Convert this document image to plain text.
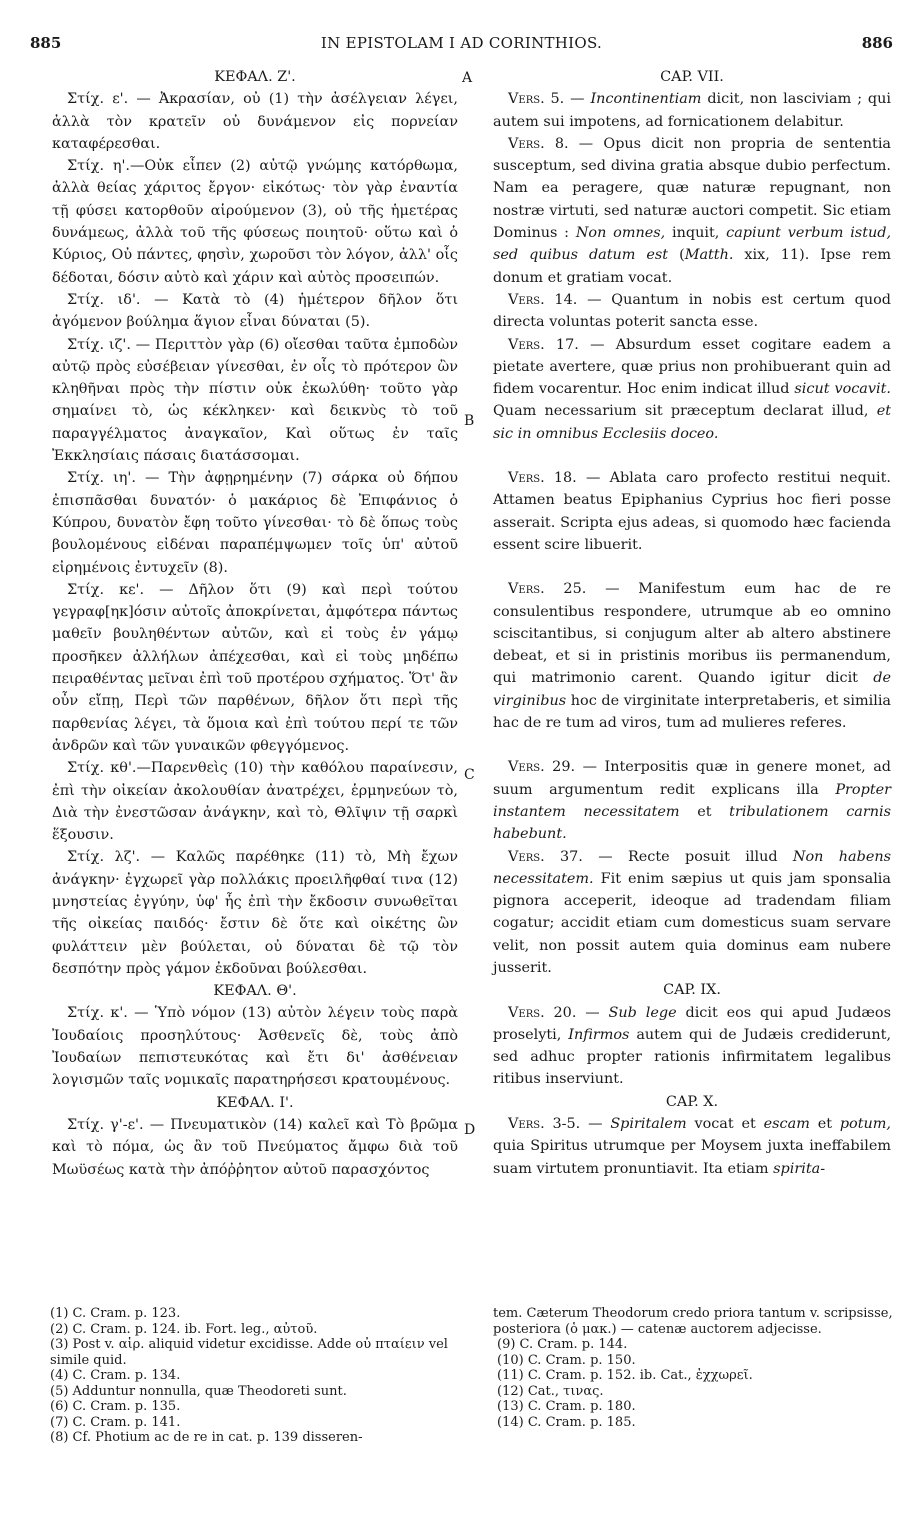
885	IN EPISTOLAM I AD CORINTHIOS.	886
A
B
C
D

ΚΕΦΑΛ. Ζ'.

Στίχ. ε'. — Ἀκρασίαν, οὐ (1) τὴν ἀσέλγειαν λέγει, ἀλλὰ τὸν κρατεῖν οὐ δυνάμενον εἰς πορνείαν καταφέρεσθαι.

Στίχ. η'.—Οὐκ εἶπεν (2) αὐτῷ γνώμης κατόρθωμα, ἀλλὰ θείας χάριτος ἔργον· εἰκότως· τὸν γὰρ ἐναντία τῇ φύσει κατορθοῦν αἱρούμενον (3), οὐ τῆς ἡμετέρας δυνάμεως, ἀλλὰ τοῦ τῆς φύσεως ποιητοῦ· οὕτω καὶ ὁ Κύριος, Οὐ πάντες, φησὶν, χωροῦσι τὸν λόγον, ἀλλ' οἷς δέδοται, δόσιν αὐτὸ καὶ χάριν καὶ αὐτὸς προσειπών.

Στίχ. ιδ'. — Κατὰ τὸ (4) ἡμέτερον δῆλον ὅτι ἀγόμενον βούλημα ἅγιον εἶναι δύναται (5).

Στίχ. ιζ'. — Περιττὸν γὰρ (6) οἴεσθαι ταῦτα ἐμποδὼν αὐτῷ πρὸς εὐσέβειαν γίνεσθαι, ἐν οἷς τὸ πρότερον ὢν κληθῆναι πρὸς τὴν πίστιν οὐκ ἐκωλύθη· τοῦτο γὰρ σημαίνει τὸ, ὡς κέκληκεν· καὶ δεικνὺς τὸ τοῦ παραγγέλματος ἀναγκαῖον, Καὶ οὕτως ἐν ταῖς Ἐκκλησίαις πάσαις διατάσσομαι.

Στίχ. ιη'. — Τὴν ἀφῃρημένην (7) σάρκα οὐ δήπου ἐπισπᾶσθαι δυνατόν· ὁ μακάριος δὲ Ἐπιφάνιος ὁ Κύπρου, δυνατὸν ἔφη τοῦτο γίνεσθαι· τὸ δὲ ὅπως τοὺς βουλομένους εἰδέναι παραπέμψωμεν τοῖς ὑπ' αὐτοῦ εἰρημένοις ἐντυχεῖν (8).

Στίχ. κε'. — Δῆλον ὅτι (9) καὶ περὶ τούτου γεγραφ[ηκ]όσιν αὐτοῖς ἀποκρίνεται, ἀμφότερα πάντως μαθεῖν βουληθέντων αὐτῶν, καὶ εἰ τοὺς ἐν γάμῳ προσῆκεν ἀλλήλων ἀπέχεσθαι, καὶ εἰ τοὺς μηδέπω πειραθέντας μεῖναι ἐπὶ τοῦ προτέρου σχήματος. Ὅτ' ἂν οὖν εἴπῃ, Περὶ τῶν παρθένων, δῆλον ὅτι περὶ τῆς παρθενίας λέγει, τὰ ὅμοια καὶ ἐπὶ τούτου περί τε τῶν ἀνδρῶν καὶ τῶν γυναικῶν φθεγγόμενος.

Στίχ. κθ'.—Παρενθεὶς (10) τὴν καθόλου παραίνεσιν, ἐπὶ τὴν οἰκείαν ἀκολουθίαν ἀνατρέχει, ἑρμηνεύων τὸ, Διὰ τὴν ἐνεστῶσαν ἀνάγκην, καὶ τὸ, Θλῖψιν τῇ σαρκὶ ἕξουσιν.

Στίχ. λζ'. — Καλῶς παρέθηκε (11) τὸ, Μὴ ἔχων ἀνάγκην· ἐγχωρεῖ γὰρ πολλάκις προειλῆφθαί τινα (12) μνηστείας ἐγγύην, ὑφ' ἧς ἐπὶ τὴν ἔκδοσιν συνωθεῖται τῆς οἰκείας παιδός· ἔστιν δὲ ὅτε καὶ οἰκέτης ὢν φυλάττειν μὲν βούλεται, οὐ δύναται δὲ τῷ τὸν δεσπότην πρὸς γάμον ἐκδοῦναι βούλεσθαι.

ΚΕΦΑΛ. Θ'.

Στίχ. κ'. — Ὑπὸ νόμον (13) αὐτὸν λέγειν τοὺς παρὰ Ἰουδαίοις προσηλύτους· Ἀσθενεῖς δὲ, τοὺς ἀπὸ Ἰουδαίων πεπιστευκότας καὶ ἔτι δι' ἀσθένειαν λογισμῶν ταῖς νομικαῖς παρατηρήσεσι κρατουμένους.

ΚΕΦΑΛ. Ι'.

Στίχ. γ'-ε'. — Πνευματικὸν (14) καλεῖ καὶ Τὸ βρῶμα καὶ τὸ πόμα, ὡς ἂν τοῦ Πνεύματος ἄμφω διὰ τοῦ Μωϋσέως κατὰ τὴν ἀπόῤῥητον αὐτοῦ παρασχόντος

CAP. VII.

Vers. 5. — Incontinentiam dicit, non lasciviam ; qui autem sui impotens, ad fornicationem delabitur.

Vers. 8. — Opus dicit non propria de sententia susceptum, sed divina gratia absque dubio perfectum. Nam ea peragere, quæ naturæ repugnant, non nostræ virtuti, sed naturæ auctori competit. Sic etiam Dominus : Non omnes, inquit, capiunt verbum istud, sed quibus datum est (Matth. xix, 11). Ipse rem donum et gratiam vocat.

Vers. 14. — Quantum in nobis est certum quod directa voluntas poterit sancta esse.

Vers. 17. — Absurdum esset cogitare eadem a pietate avertere, quæ prius non prohibuerant quin ad fidem vocarentur. Hoc enim indicat illud sicut vocavit. Quam necessarium sit præceptum declarat illud, et sic in omnibus Ecclesiis doceo.

Vers. 18. — Ablata caro profecto restitui nequit. Attamen beatus Epiphanius Cyprius hoc fieri posse asserait. Scripta ejus adeas, si quomodo hæc facienda essent scire libuerit.

Vers. 25. — Manifestum eum hac de re consulentibus respondere, utrumque ab eo omnino sciscitantibus, si conjugum alter ab altero abstinere debeat, et si in pristinis moribus iis permanendum, qui matrimonio carent. Quando igitur dicit de virginibus hoc de virginitate interpretaberis, et similia hac de re tum ad viros, tum ad mulieres referes.

Vers. 29. — Interpositis quæ in genere monet, ad suum argumentum redit explicans illa Propter instantem necessitatem et tribulationem carnis habebunt.

Vers. 37. — Recte posuit illud Non habens necessitatem. Fit enim sæpius ut quis jam sponsalia pignora acceperit, ideoque ad tradendam filiam cogatur; accidit etiam cum domesticus suam servare velit, non possit autem quia dominus eam nubere jusserit.

CAP. IX.

Vers. 20. — Sub lege dicit eos qui apud Judæos proselyti, Infirmos autem qui de Judæis crediderunt, sed adhuc propter rationis infirmitatem legalibus ritibus inserviunt.

CAP. X.

Vers. 3-5. — Spiritalem vocat et escam et potum, quia Spiritus utrumque per Moysem juxta ineffabilem suam virtutem pronuntiavit. Ita etiam spirita-

(1) C. Cram. p. 123.
(2) C. Cram. p. 124. ib. Fort. leg., αὐτοῦ.
(3) Post v. αἱρ. aliquid videtur excidisse. Adde οὐ πταίειν vel simile quid.
(4) C. Cram. p. 134.
(5) Adduntur nonnulla, quæ Theodoreti sunt.
(6) C. Cram. p. 135.
(7) C. Cram. p. 141.
(8) Cf. Photium ac de re in cat. p. 139 disseren-
tem. Cæterum Theodorum credo priora tantum v. scripsisse, posteriora (ὁ μακ.) — catenæ auctorem adjecisse.
(9) C. Cram. p. 144.
(10) C. Cram. p. 150.
(11) C. Cram. p. 152. ib. Cat., ἐχχωρεῖ.
(12) Cat., τινας.
(13) C. Cram. p. 180.
(14) C. Cram. p. 185.
